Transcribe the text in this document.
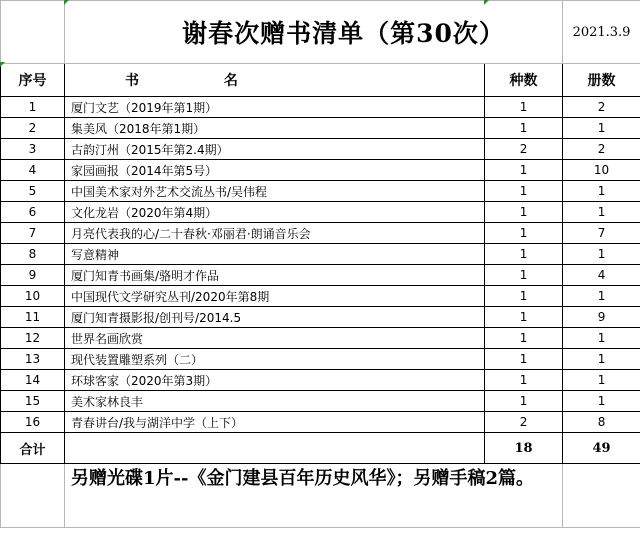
	谢春次赠书清单（第30次）		2021.3.9
序号	书 名	种数	册数
1	厦门文艺（2019年第1期）	1	2
2	集美风（2018年第1期）	1	1
3	古韵汀州（2015年第2.4期）	2	2
4	家园画报（2014年第5号）	1	10
5	中国美术家对外艺术交流丛书/吴伟程	1	1
6	文化龙岩（2020年第4期）	1	1
7	月亮代表我的心/二十春秋·邓丽君·朗诵音乐会	1	7
8	写意精神	1	1
9	厦门知青书画集/骆明才作品	1	4
10	中国现代文学研究丛刊/2020年第8期	1	1
11	厦门知青摄影报/创刊号/2014.5	1	9
12	世界名画欣赏	1	1
13	现代装置雕塑系列（二）	1	1
14	环球客家（2020年第3期）	1	1
15	美术家林良丰	1	1
16	青春讲台/我与湖洋中学（上下）	2	8
合计		18	49
	另赠光碟1片--《金门建县百年历史风华》；另赠手稿2篇。		
